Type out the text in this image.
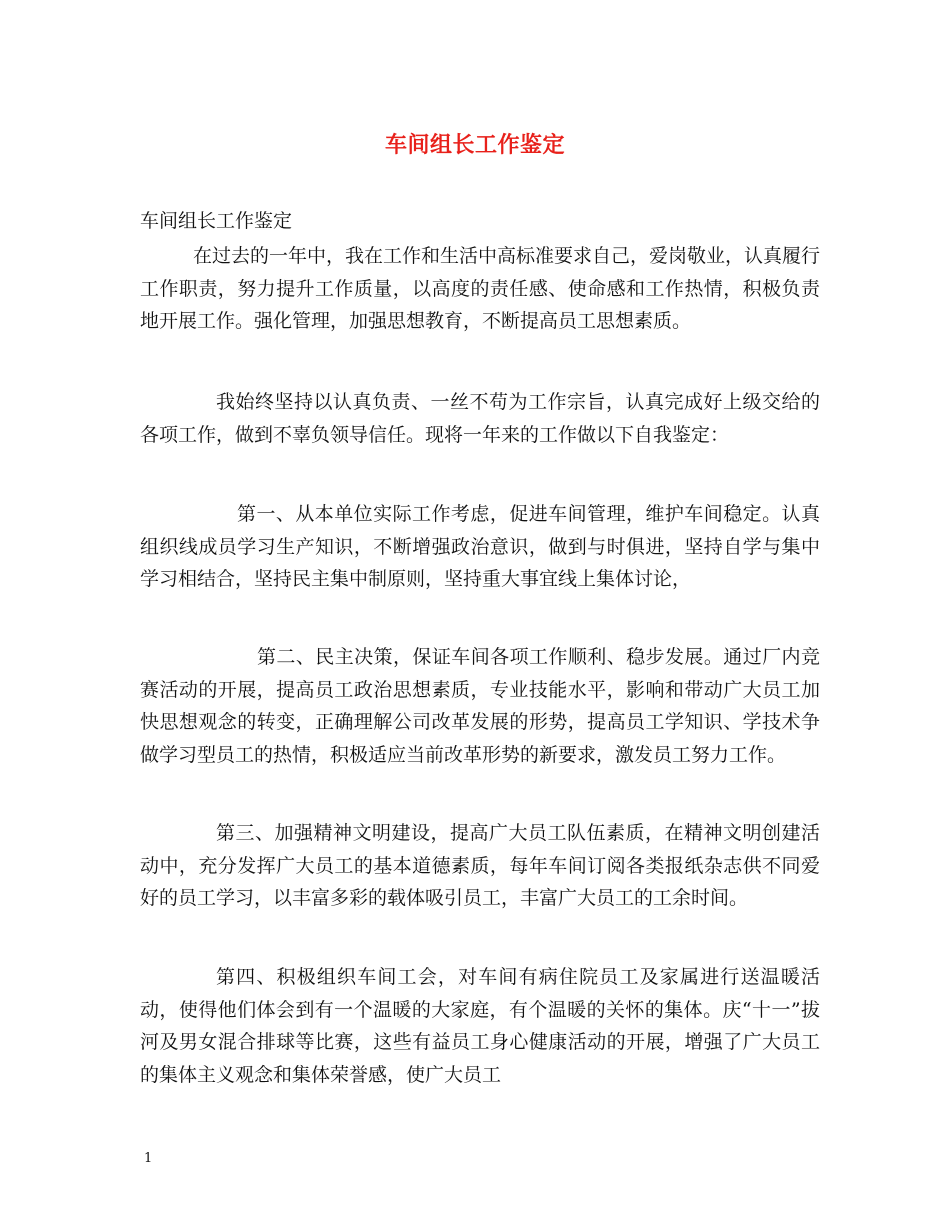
车间组长工作鉴定

车间组长工作鉴定

在过去的一年中，我在工作和生活中高标准要求自己，爱岗敬业，认真履行工作职责，努力提升工作质量，以高度的责任感、使命感和工作热情，积极负责地开展工作。强化管理，加强思想教育，不断提高员工思想素质。

我始终坚持以认真负责、一丝不苟为工作宗旨，认真完成好上级交给的各项工作，做到不辜负领导信任。现将一年来的工作做以下自我鉴定：

第一、从本单位实际工作考虑，促进车间管理，维护车间稳定。认真组织线成员学习生产知识，不断增强政治意识，做到与时俱进，坚持自学与集中学习相结合，坚持民主集中制原则，坚持重大事宜线上集体讨论，

第二、民主决策，保证车间各项工作顺利、稳步发展。通过厂内竞赛活动的开展，提高员工政治思想素质，专业技能水平，影响和带动广大员工加快思想观念的转变，正确理解公司改革发展的形势，提高员工学知识、学技术争做学习型员工的热情，积极适应当前改革形势的新要求，激发员工努力工作。

第三、加强精神文明建设，提高广大员工队伍素质，在精神文明创建活动中，充分发挥广大员工的基本道德素质，每年车间订阅各类报纸杂志供不同爱好的员工学习，以丰富多彩的载体吸引员工，丰富广大员工的工余时间。

第四、积极组织车间工会，对车间有病住院员工及家属进行送温暖活动，使得他们体会到有一个温暖的大家庭，有个温暖的关怀的集体。庆“十一”拔河及男女混合排球等比赛，这些有益员工身心健康活动的开展，增强了广大员工的集体主义观念和集体荣誉感，使广大员工

1
